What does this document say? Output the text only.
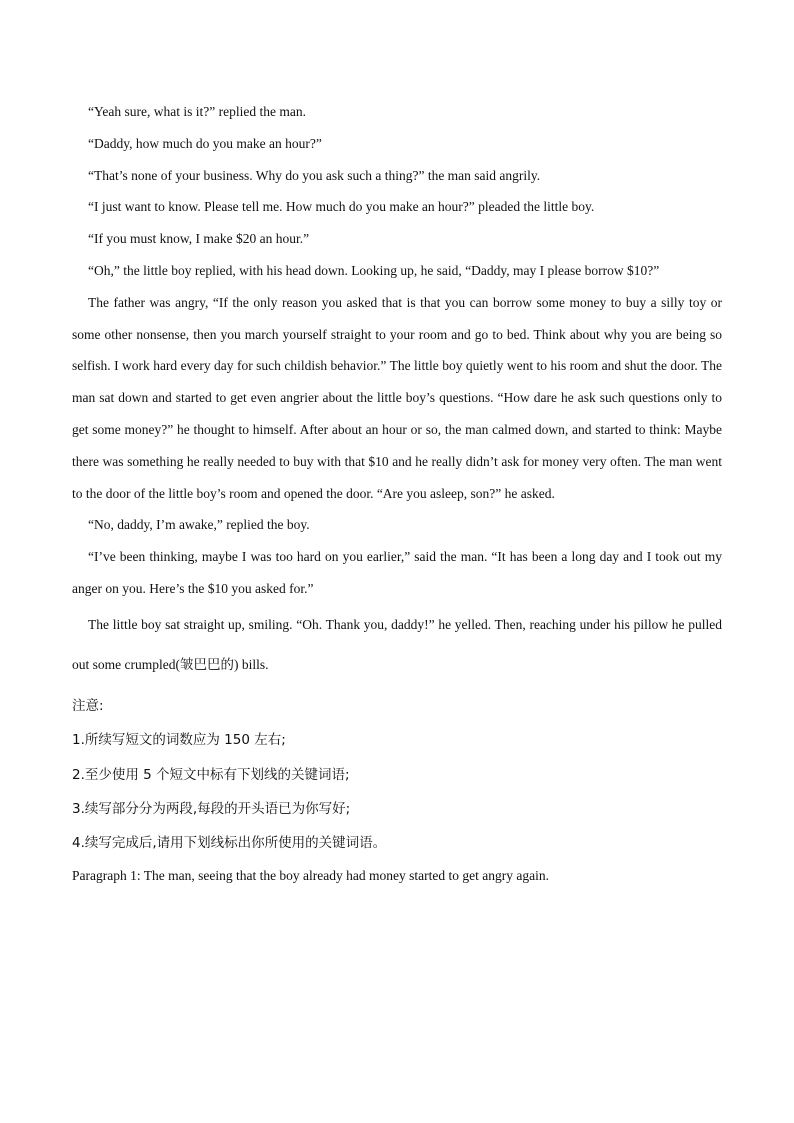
“Yeah sure, what is it?” replied the man.

“Daddy, how much do you make an hour?”

“That’s none of your business. Why do you ask such a thing?” the man said angrily.

“I just want to know. Please tell me. How much do you make an hour?” pleaded the little boy.

“If you must know, I make $20 an hour.”

“Oh,” the little boy replied, with his head down. Looking up, he said, “Daddy, may I please borrow $10?”

The father was angry, “If the only reason you asked that is that you can borrow some money to buy a silly toy or some other nonsense, then you march yourself straight to your room and go to bed. Think about why you are being so selfish. I work hard every day for such childish behavior.” The little boy quietly went to his room and shut the door. The man sat down and started to get even angrier about the little boy’s questions. “How dare he ask such questions only to get some money?” he thought to himself. After about an hour or so, the man calmed down, and started to think: Maybe there was something he really needed to buy with that $10 and he really didn’t ask for money very often. The man went to the door of the little boy’s room and opened the door. “Are you asleep, son?” he asked.

“No, daddy, I’m awake,” replied the boy.

“I’ve been thinking, maybe I was too hard on you earlier,” said the man. “It has been a long day and I took out my anger on you. Here’s the $10 you asked for.”

The little boy sat straight up, smiling. “Oh. Thank you, daddy!” he yelled. Then, reaching under his pillow he pulled out some crumpled(皱巴巴的) bills.

注意:

1.所续写短文的词数应为 150 左右;

2.至少使用 5 个短文中标有下划线的关键词语;

3.续写部分分为两段,每段的开头语已为你写好;

4.续写完成后,请用下划线标出你所使用的关键词语。

Paragraph 1: The man, seeing that the boy already had money started to get angry again.
